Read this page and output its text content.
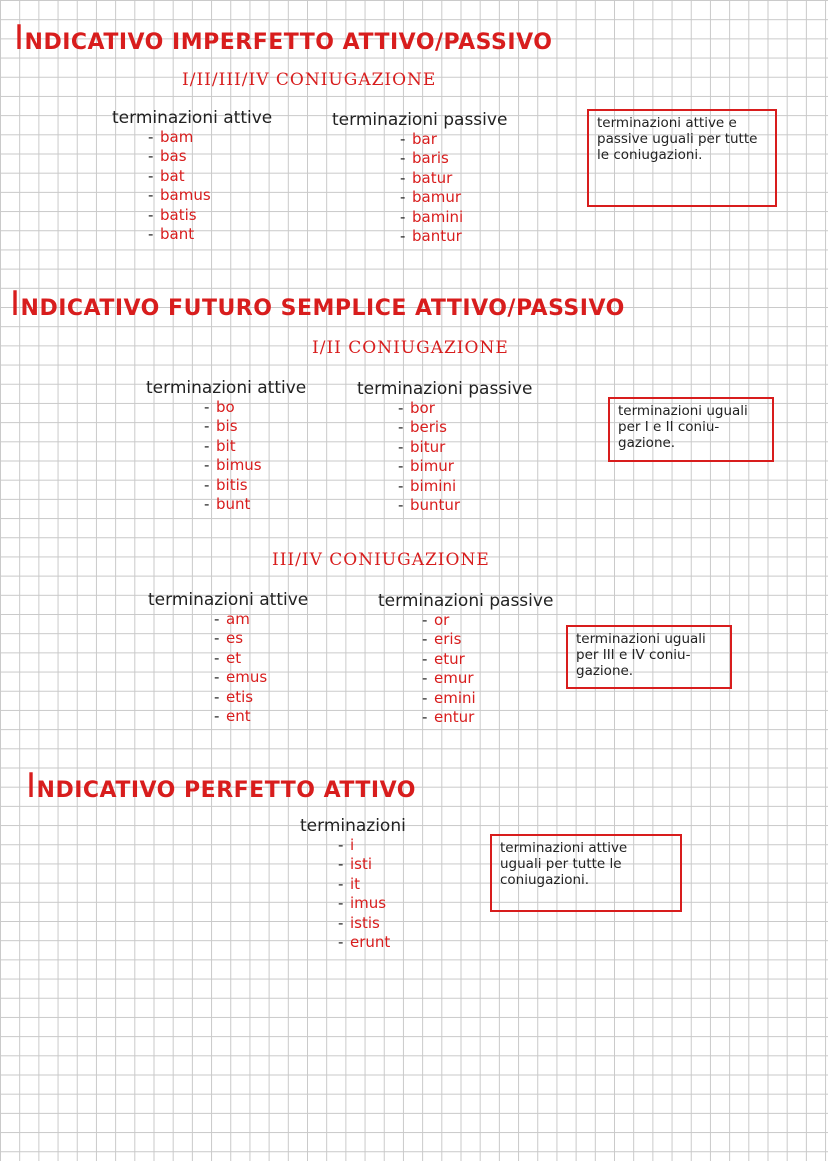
INDICATIVO IMPERFETTO ATTIVO/PASSIVO
I/II/III/IV CONIUGAZIONE
terminazioni attive
- bam
- bas
- bat
- bamus
- batis
- bant
terminazioni passive
- bar
- baris
- batur
- bamur
- bamini
- bantur
terminazioni attive e passive uguali per tutte le coniugazioni.
INDICATIVO FUTURO SEMPLICE ATTIVO/PASSIVO
I/II CONIUGAZIONE
terminazioni attive
- bo
- bis
- bit
- bimus
- bitis
- bunt
terminazioni passive
- bor
- beris
- bitur
- bimur
- bimini
- buntur
terminazioni uguali per I e II coniu- gazione.
III/IV CONIUGAZIONE
terminazioni attive
- am
- es
- et
- emus
- etis
- ent
terminazioni passive
- or
- eris
- etur
- emur
- emini
- entur
terminazioni uguali per III e IV coniu- gazione.
INDICATIVO PERFETTO ATTIVO
terminazioni
- i
- isti
- it
- imus
- istis
- erunt
terminazioni attive uguali per tutte le coniugazioni.
